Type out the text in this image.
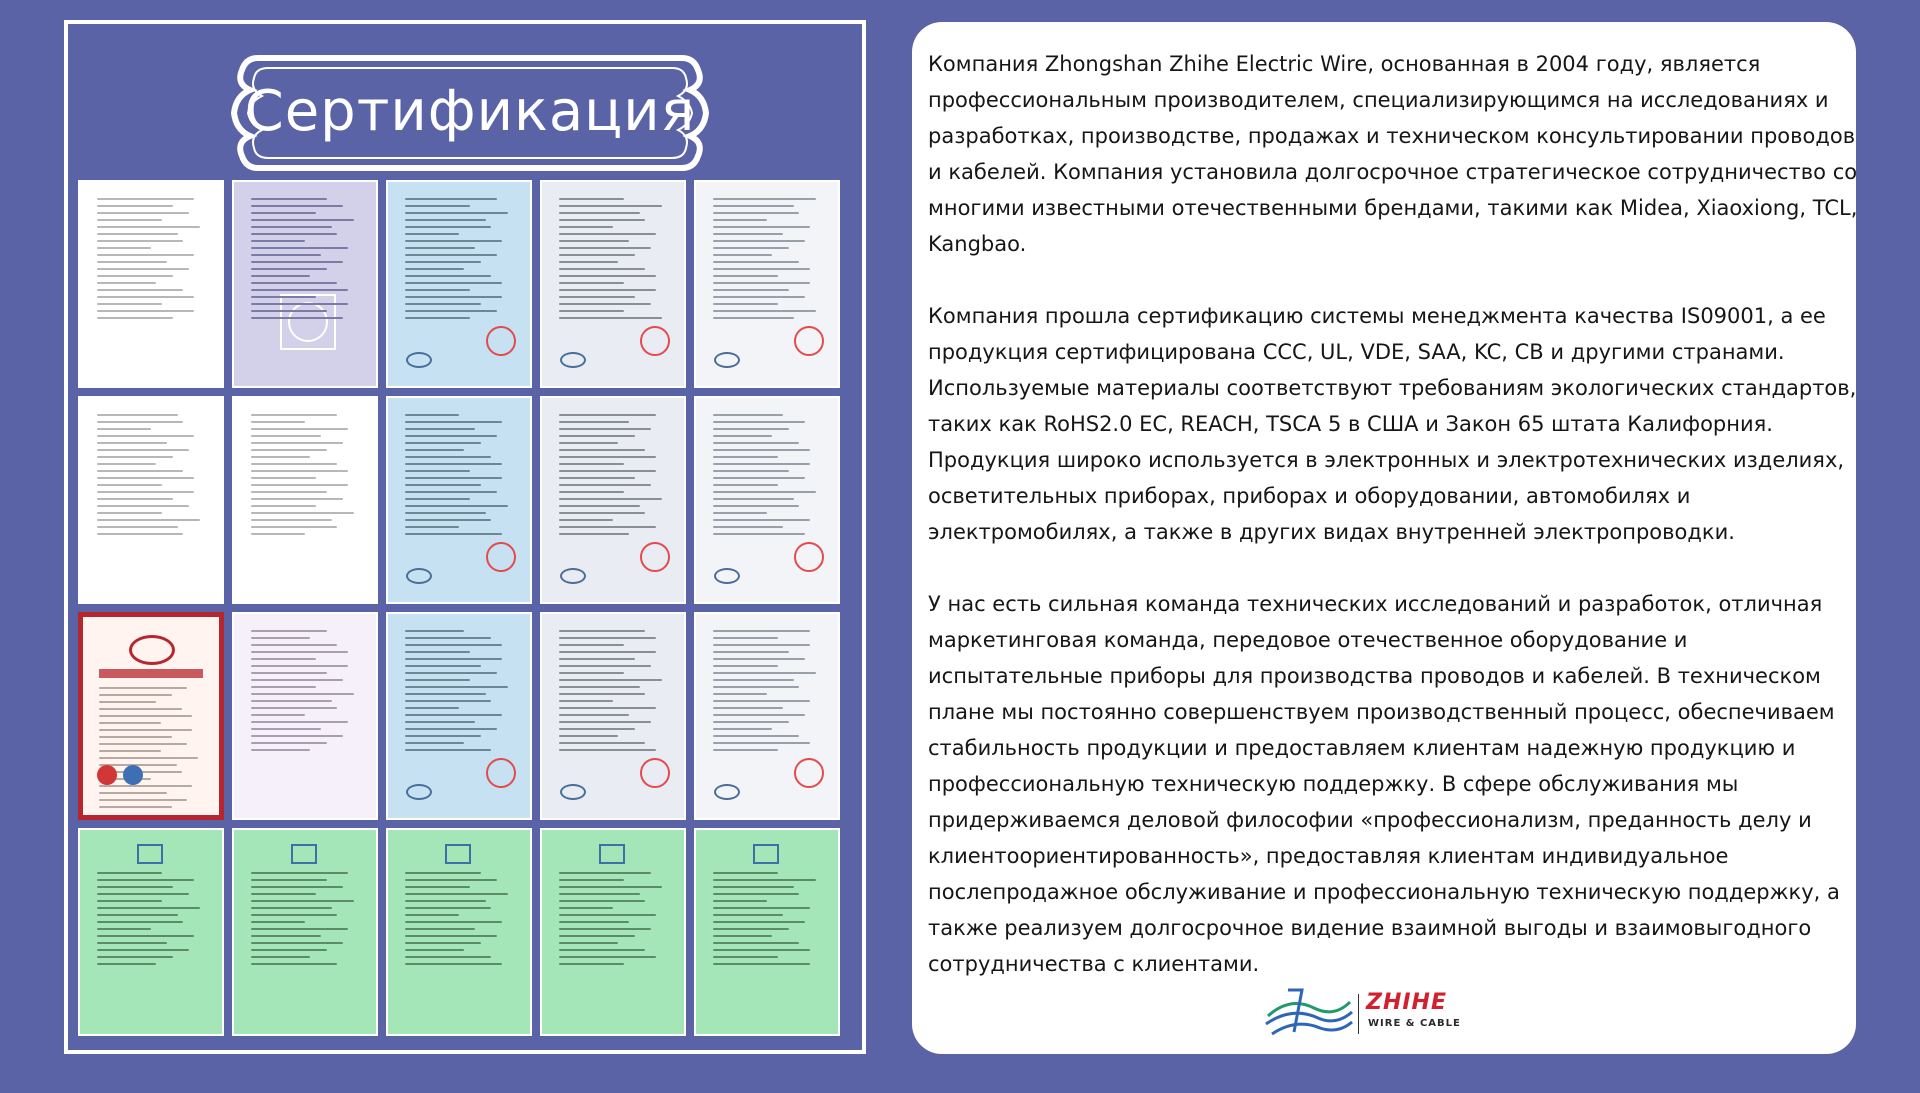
Сертификация

Компания Zhongshan Zhihe Electric Wire, основанная в 2004 году, является профессиональным производителем, специализирующимся на исследованиях и разработках, производстве, продажах и техническом консультировании проводов и кабелей. Компания установила долгосрочное стратегическое сотрудничество со многими известными отечественными брендами, такими как Midea, Xiaoxiong, TCL, Kangbao.

Компания прошла сертификацию системы менеджмента качества IS09001, а ее продукция сертифицирована CCC, UL, VDE, SAA, KC, CB и другими странами. Используемые материалы соответствуют требованиям экологических стандартов, таких как RoHS2.0 EC, REACH, TSCA 5 в США и Закон 65 штата Калифорния. Продукция широко используется в электронных и электротехнических изделиях, осветительных приборах, приборах и оборудовании, автомобилях и электромобилях, а также в других видах внутренней электропроводки.

У нас есть сильная команда технических исследований и разработок, отличная маркетинговая команда, передовое отечественное оборудование и испытательные приборы для производства проводов и кабелей. В техническом плане мы постоянно совершенствуем производственный процесс, обеспечиваем стабильность продукции и предоставляем клиентам надежную продукцию и профессиональную техническую поддержку. В сфере обслуживания мы придерживаемся деловой философии «профессионализм, преданность делу и клиентоориентированность», предоставляя клиентам индивидуальное послепродажное обслуживание и профессиональную техническую поддержку, а также реализуем долгосрочное видение взаимной выгоды и взаимовыгодного сотрудничества с клиентами.

ZHIHE
WIRE & CABLE
